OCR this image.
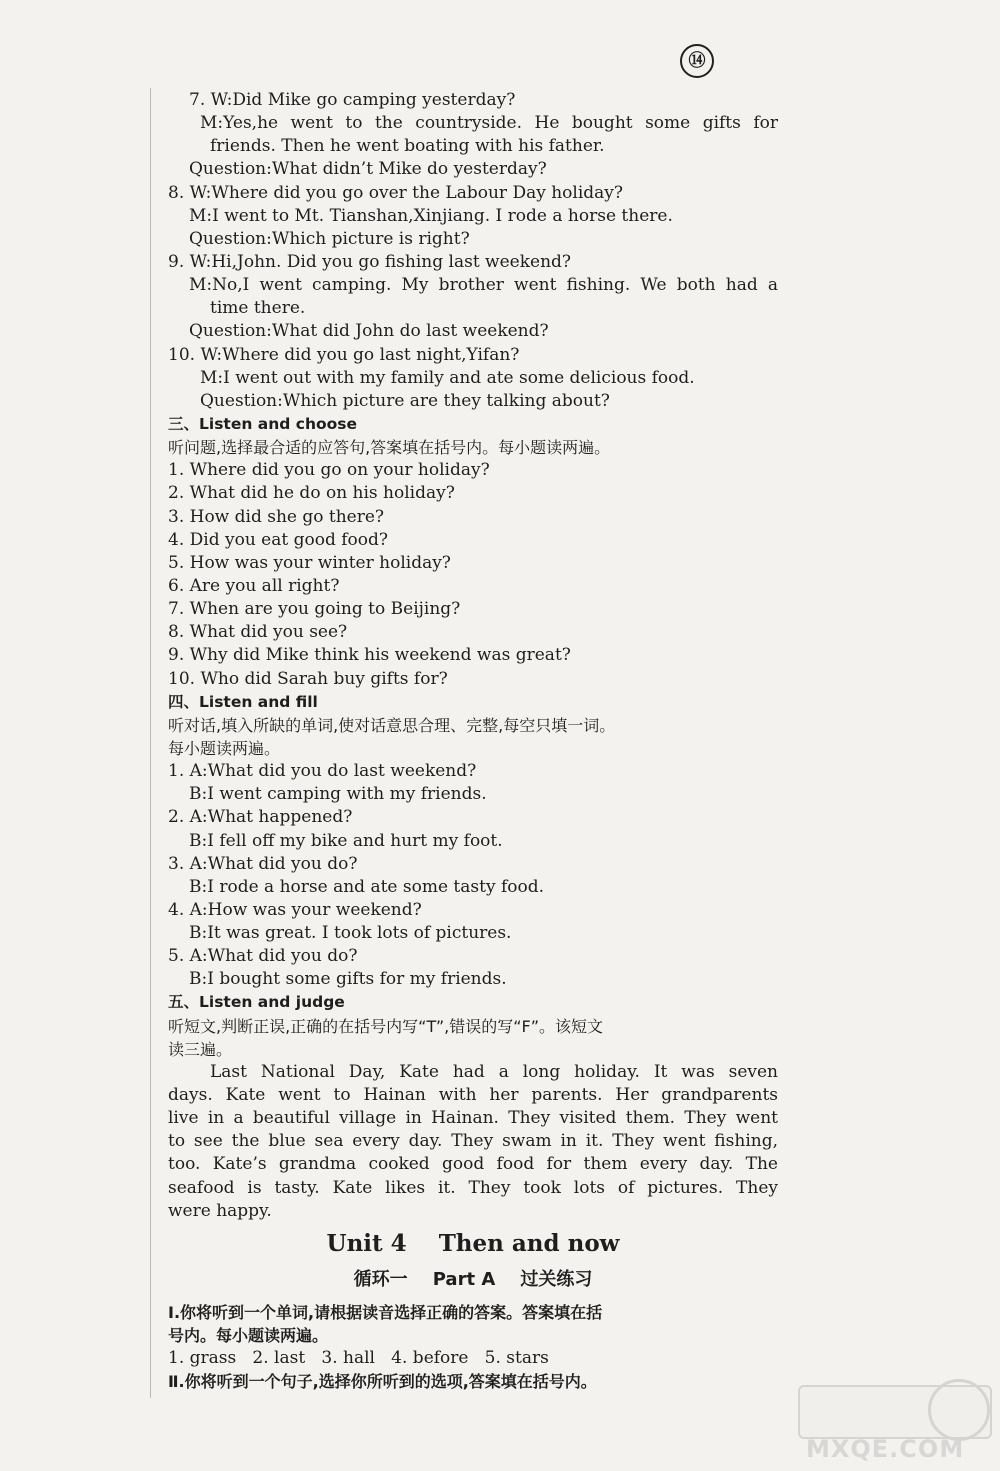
⑭
7. W:Did Mike go camping yesterday?
M:Yes,he went to the countryside. He bought some gifts for
friends. Then he went boating with his father.
Question:What didn’t Mike do yesterday?
8. W:Where did you go over the Labour Day holiday?
M:I went to Mt. Tianshan,Xinjiang. I rode a horse there.
Question:Which picture is right?
9. W:Hi,John. Did you go fishing last weekend?
M:No,I went camping. My brother went fishing. We both had a
time there.
Question:What did John do last weekend?
10. W:Where did you go last night,Yifan?
M:I went out with my family and ate some delicious food.
Question:Which picture are they talking about?
三、Listen and choose
听问题,选择最合适的应答句,答案填在括号内。每小题读两遍。
1. Where did you go on your holiday?
2. What did he do on his holiday?
3. How did she go there?
4. Did you eat good food?
5. How was your winter holiday?
6. Are you all right?
7. When are you going to Beijing?
8. What did you see?
9. Why did Mike think his weekend was great?
10. Who did Sarah buy gifts for?
四、Listen and fill
听对话,填入所缺的单词,使对话意思合理、完整,每空只填一词。
每小题读两遍。
1. A:What did you do last weekend?
B:I went camping with my friends.
2. A:What happened?
B:I fell off my bike and hurt my foot.
3. A:What did you do?
B:I rode a horse and ate some tasty food.
4. A:How was your weekend?
B:It was great. I took lots of pictures.
5. A:What did you do?
B:I bought some gifts for my friends.
五、Listen and judge
听短文,判断正误,正确的在括号内写“T”,错误的写“F”。该短文
读三遍。
Last National Day, Kate had a long holiday. It was seven
days. Kate went to Hainan with her parents. Her grandparents
live in a beautiful village in Hainan. They visited them. They went
to see the blue sea every day. They swam in it. They went fishing,
too. Kate’s grandma cooked good food for them every day. The
seafood is tasty. Kate likes it. They took lots of pictures. They
were happy.
Unit 4    Then and now
循环一    Part A    过关练习
Ⅰ.你将听到一个单词,请根据读音选择正确的答案。答案填在括
号内。每小题读两遍。
1. grass   2. last   3. hall   4. before   5. stars
Ⅱ.你将听到一个句子,选择你所听到的选项,答案填在括号内。
MXQE.COM
